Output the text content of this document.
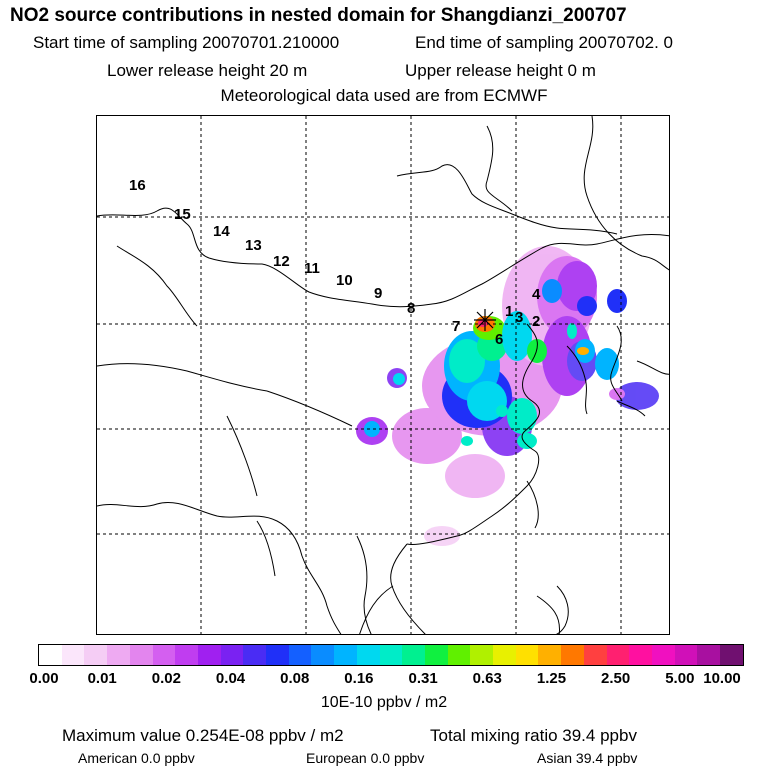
NO2 source contributions in nested domain for Shangdianzi_200707
Start time of sampling 20070701.210000	End time of sampling 20070702. 0
Lower release height 20 m	Upper release height 0 m
Meteorological data used are from ECMWF
16
15
14
13
12 11
10
9
8
7
6
1 3 2
4
0.00 0.01 0.02 0.04 0.08 0.16 0.31 0.63 1.25 2.50 5.00 10.00
10E-10 ppbv / m2
Maximum value 0.254E-08 ppbv / m2	Total mixing ratio 39.4 ppbv
American 0.0 ppbv	European 0.0 ppbv	Asian 39.4 ppbv
